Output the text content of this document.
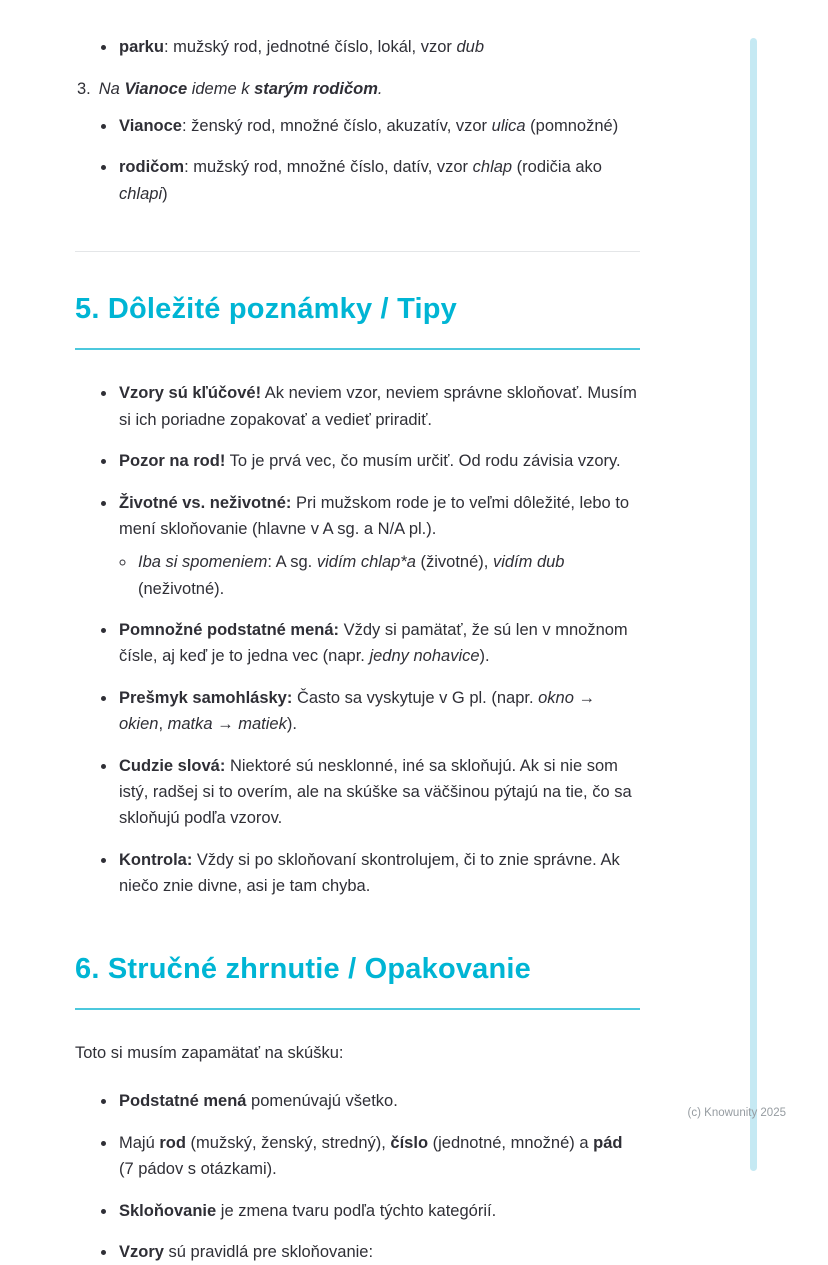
• parku: mužský rod, jednotné číslo, lokál, vzor dub
3. Na Vianoce ideme k starým rodičom.
• Vianoce: ženský rod, množné číslo, akuzatív, vzor ulica (pomnožné)
• rodičom: mužský rod, množné číslo, datív, vzor chlap (rodičia ako chlapi)
5. Dôležité poznámky / Tipy
• Vzory sú kľúčové! Ak neviem vzor, neviem správne skloňovať. Musím si ich poriadne zopakovať a vedieť priradiť.
• Pozor na rod! To je prvá vec, čo musím určiť. Od rodu závisia vzory.
• Životné vs. neživotné: Pri mužskom rode je to veľmi dôležité, lebo to mení skloňovanie (hlavne v A sg. a N/A pl.).
◦ Iba si spomeniem: A sg. vidím chlap*a (životné), vidím dub (neživotné).
• Pomnožné podstatné mená: Vždy si pamätať, že sú len v množnom čísle, aj keď je to jedna vec (napr. jedny nohavice).
• Prešmyk samohlásky: Často sa vyskytuje v G pl. (napr. okno → okien, matka → matiek).
• Cudzie slová: Niektoré sú nesklonné, iné sa skloňujú. Ak si nie som istý, radšej si to overím, ale na skúške sa väčšinou pýtajú na tie, čo sa skloňujú podľa vzorov.
• Kontrola: Vždy si po skloňovaní skontrolujem, či to znie správne. Ak niečo znie divne, asi je tam chyba.
6. Stručné zhrnutie / Opakovanie

Toto si musím zapamätať na skúšku:

• Podstatné mená pomenúvajú všetko.
• Majú rod (mužský, ženský, stredný), číslo (jednotné, množné) a pád (7 pádov s otázkami).
• Skloňovanie je zmena tvaru podľa týchto kategórií.
• Vzory sú pravidlá pre skloňovanie:
(c) Knowunity 2025
